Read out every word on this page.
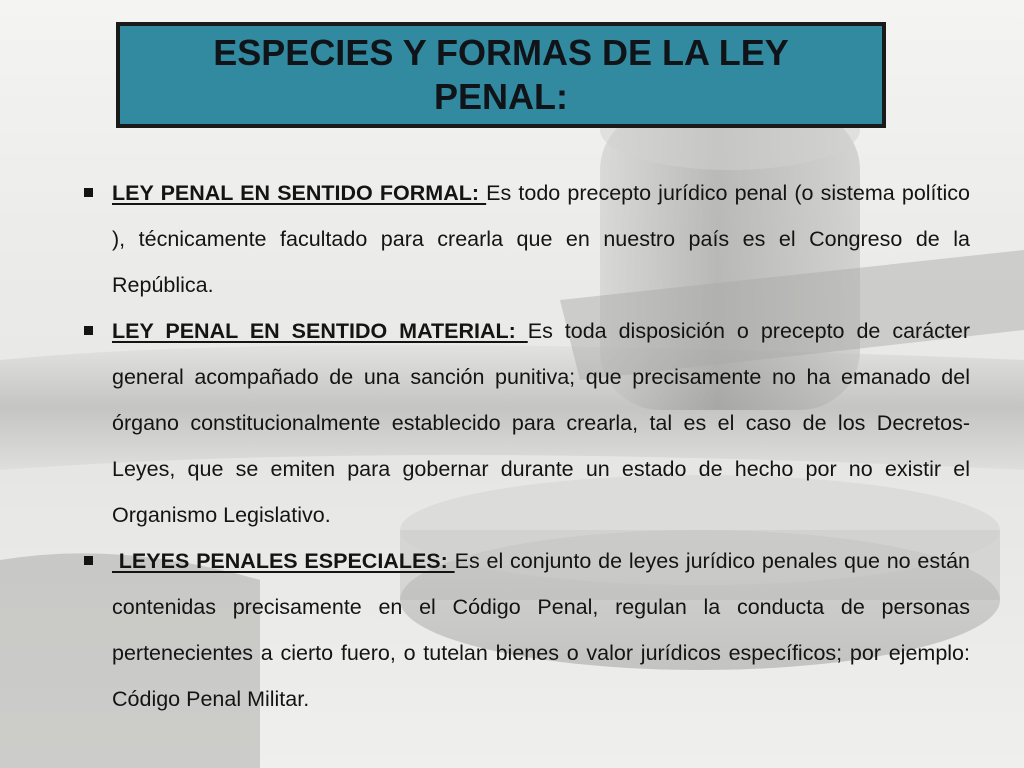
ESPECIES Y FORMAS DE LA LEY PENAL:

LEY PENAL EN SENTIDO FORMAL: Es todo precepto jurídico penal (o sistema político ), técnicamente facultado para crearla que en nuestro país es el Congreso de la República.

LEY PENAL EN SENTIDO MATERIAL: Es toda disposición o precepto de carácter general acompañado de una sanción punitiva; que precisamente no ha emanado del órgano constitucionalmente establecido para crearla, tal es el caso de los Decretos-Leyes, que se emiten para gobernar durante un estado de hecho por no existir el Organismo Legislativo.

LEYES PENALES ESPECIALES: Es el conjunto de leyes jurídico penales que no están contenidas precisamente en el Código Penal, regulan la conducta de personas pertenecientes a cierto fuero, o tutelan bienes o valor jurídicos específicos; por ejemplo: Código Penal Militar.
